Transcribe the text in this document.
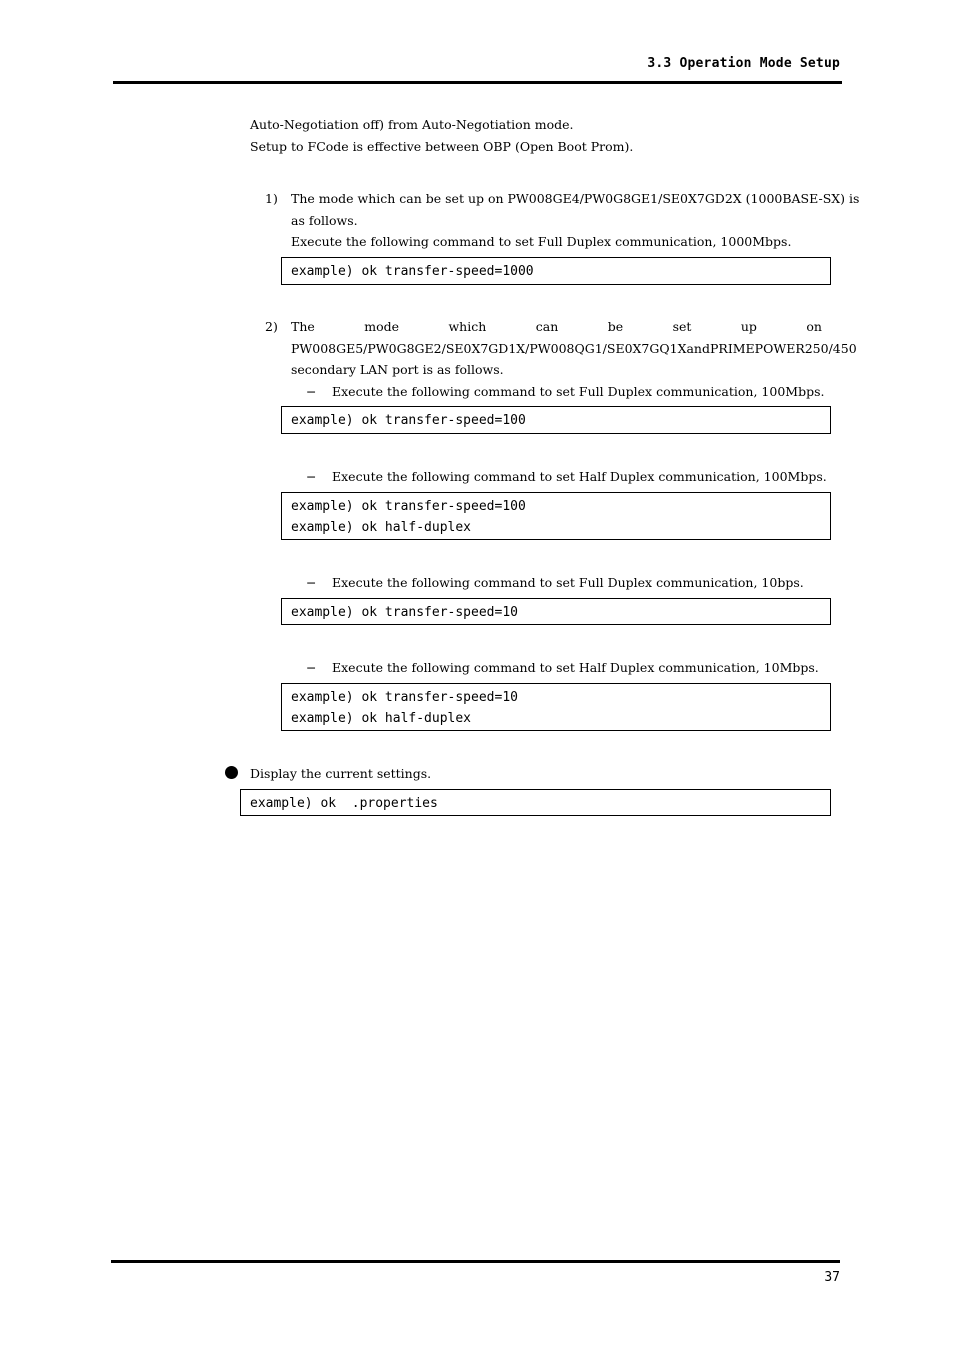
3.3 Operation Mode Setup
Auto-Negotiation off) from Auto-Negotiation mode.
Setup to FCode is effective between OBP (Open Boot Prom).
1) The mode which can be set up on PW008GE4/PW0G8GE1/SE0X7GD2X (1000BASE-SX) is
as follows.
Execute the following command to set Full Duplex communication, 1000Mbps.
example) ok transfer-speed=1000
2) The	mode	which	can	be	set	up	on
PW008GE5/PW0G8GE2/SE0X7GD1X/PW008QG1/SE0X7GQ1X and PRIMEPOWER250/450
secondary LAN port is as follows.
− Execute the following command to set Full Duplex communication, 100Mbps.
example) ok transfer-speed=100
− Execute the following command to set Half Duplex communication, 100Mbps.
example) ok transfer-speed=100
example) ok half-duplex
− Execute the following command to set Full Duplex communication, 10bps.
example) ok transfer-speed=10
− Execute the following command to set Half Duplex communication, 10Mbps.
example) ok transfer-speed=10
example) ok half-duplex
Display the current settings.
example) ok  .properties
37
